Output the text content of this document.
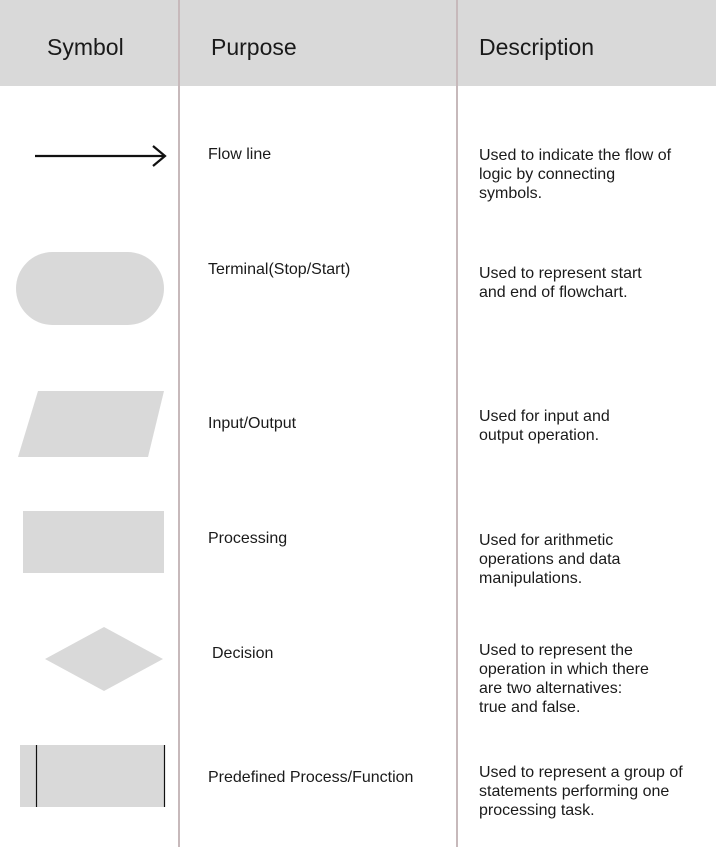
Symbol	Purpose	Description
Flow line
Terminal(Stop/Start)
Input/Output
Processing
Decision
Predefined Process/Function
Used to indicate the flow of logic by connecting symbols.
Used to represent start and end of flowchart.
Used for input and output operation.
Used for arithmetic operations and data manipulations.
Used to represent the operation in which there are two alternatives: true and false.
Used to represent a group of statements performing one processing task.
